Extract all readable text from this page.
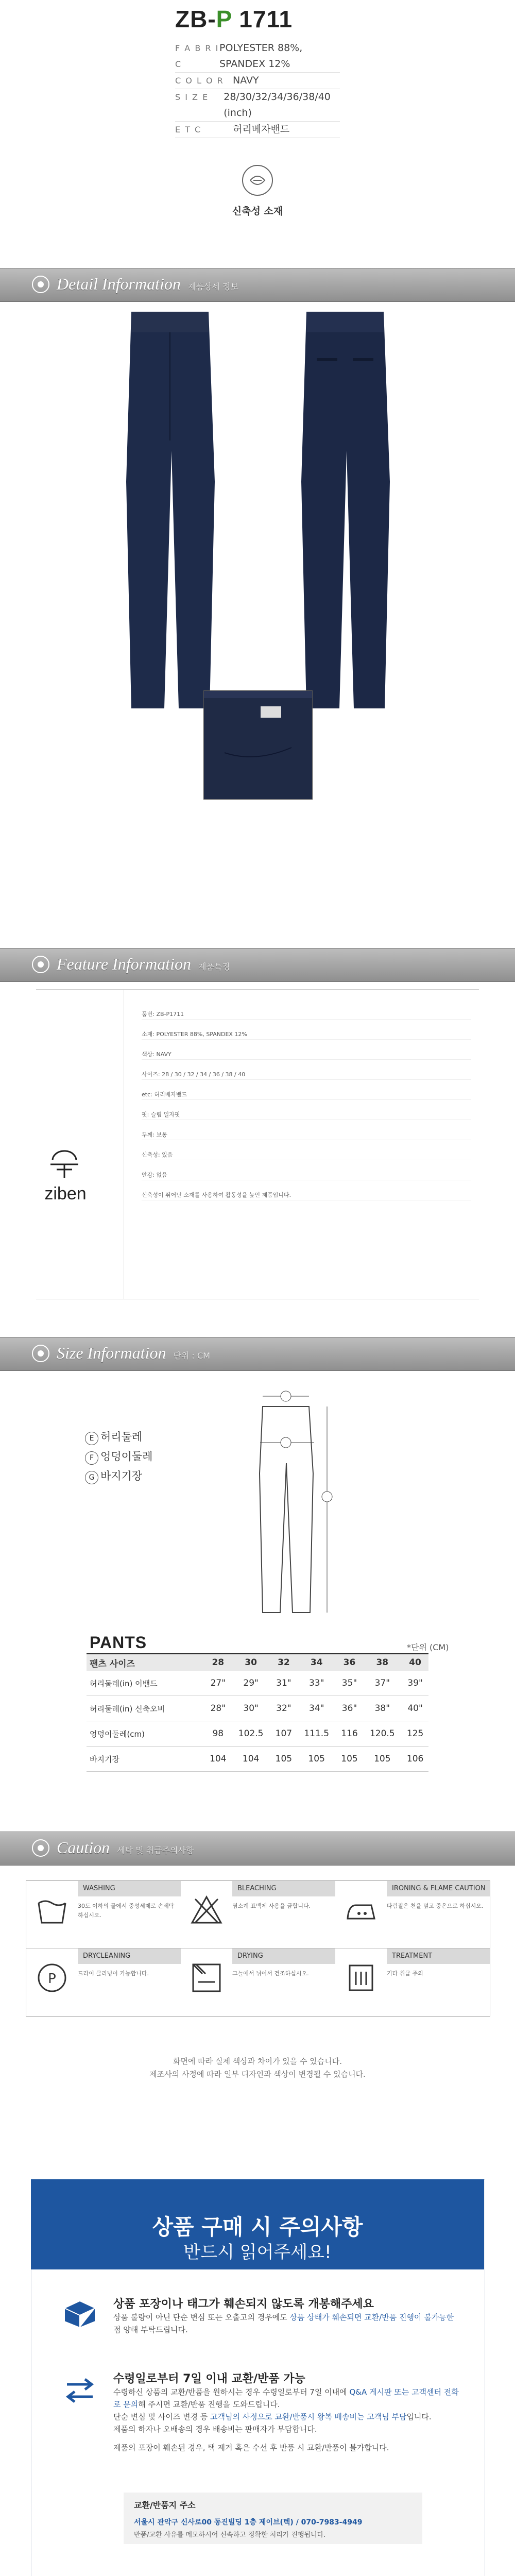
ZB-P 1711
F A B R I C
POLYESTER 88%, SPANDEX 12%
C O L O R NAVY
S I Z E	28/30/32/34/36/38/40 (inch)
E T C	허리베자밴드
신축성 소재
Detail Information 제품상세 정보
Feature Information 제품특징
ziben
품번: ZB-P1711
소재: POLYESTER 88%, SPANDEX 12%
색상: NAVY
사이즈: 28 / 30 / 32 / 34 / 36 / 38 / 40
etc: 허리베자밴드
핏: 슬림 일자핏
두께: 보통
신축성: 있음
안감: 없음
신축성이 뛰어난 소재를 사용하여 활동성을 높인 제품입니다.
Size Information 단위 : CM
E 허리둘레
F 엉덩이둘레
G 바지기장
PANTS	*단위 (CM)
팬츠 사이즈	28	30	32	34	36	38	40
허리둘레(in) 이밴드	27"	29"	31"	33"	35"	37"	39"
허리둘레(in) 신축오비	28"	30"	32"	34"	36"	38"	40"
엉덩이둘레(cm)	98	102.5	107	111.5	116	120.5	125
바지기장	104	104	105	105	105	105	106
Caution 세탁 및 취급주의사항
WASHING
30도 이하의 물에서 중성세제로 손세탁 하십시오.
BLEACHING
염소계 표백제 사용을 금합니다.
IRONING & FLAME CAUTION
다림질은 천을 덮고 중온으로 하십시오.
P
DRYCLEANING
드라이 클리닝이 가능합니다.
DRYING
그늘에서 뉘어서 건조하십시오.
TREATMENT
기타 취급 주의
화면에 따라 실제 색상과 차이가 있을 수 있습니다.
제조사의 사정에 따라 일부 디자인과 색상이 변경될 수 있습니다.
상품 구매 시 주의사항
반드시 읽어주세요!
상품 포장이나 태그가 훼손되지 않도록 개봉해주세요
상품 불량이 아닌 단순 변심 또는 오출고의 경우에도 상품 상태가 훼손되면 교환/반품 진행이 불가능한 점 양해 부탁드립니다.
수령일로부터 7일 이내 교환/반품 가능
수령하신 상품의 교환/반품을 원하시는 경우 수령일로부터 7일 이내에 Q&A 게시판 또는 고객센터 전화로 문의해 주시면 교환/반품 진행을 도와드립니다.
단순 변심 및 사이즈 변경 등 고객님의 사정으로 교환/반품시 왕복 배송비는 고객님 부담입니다.
제품의 하자나 오배송의 경우 배송비는 판매자가 부담합니다.
제품의 포장이 훼손된 경우, 택 제거 혹은 수선 후 반품 시 교환/반품이 불가합니다.
교환/반품지 주소
서울시 관악구 신사로00 동진빌딩 1층 제이브(텍) / 070-7983-4949
반품/교환 사유를 메모하시어 신속하고 정확한 처리가 진행됩니다.
